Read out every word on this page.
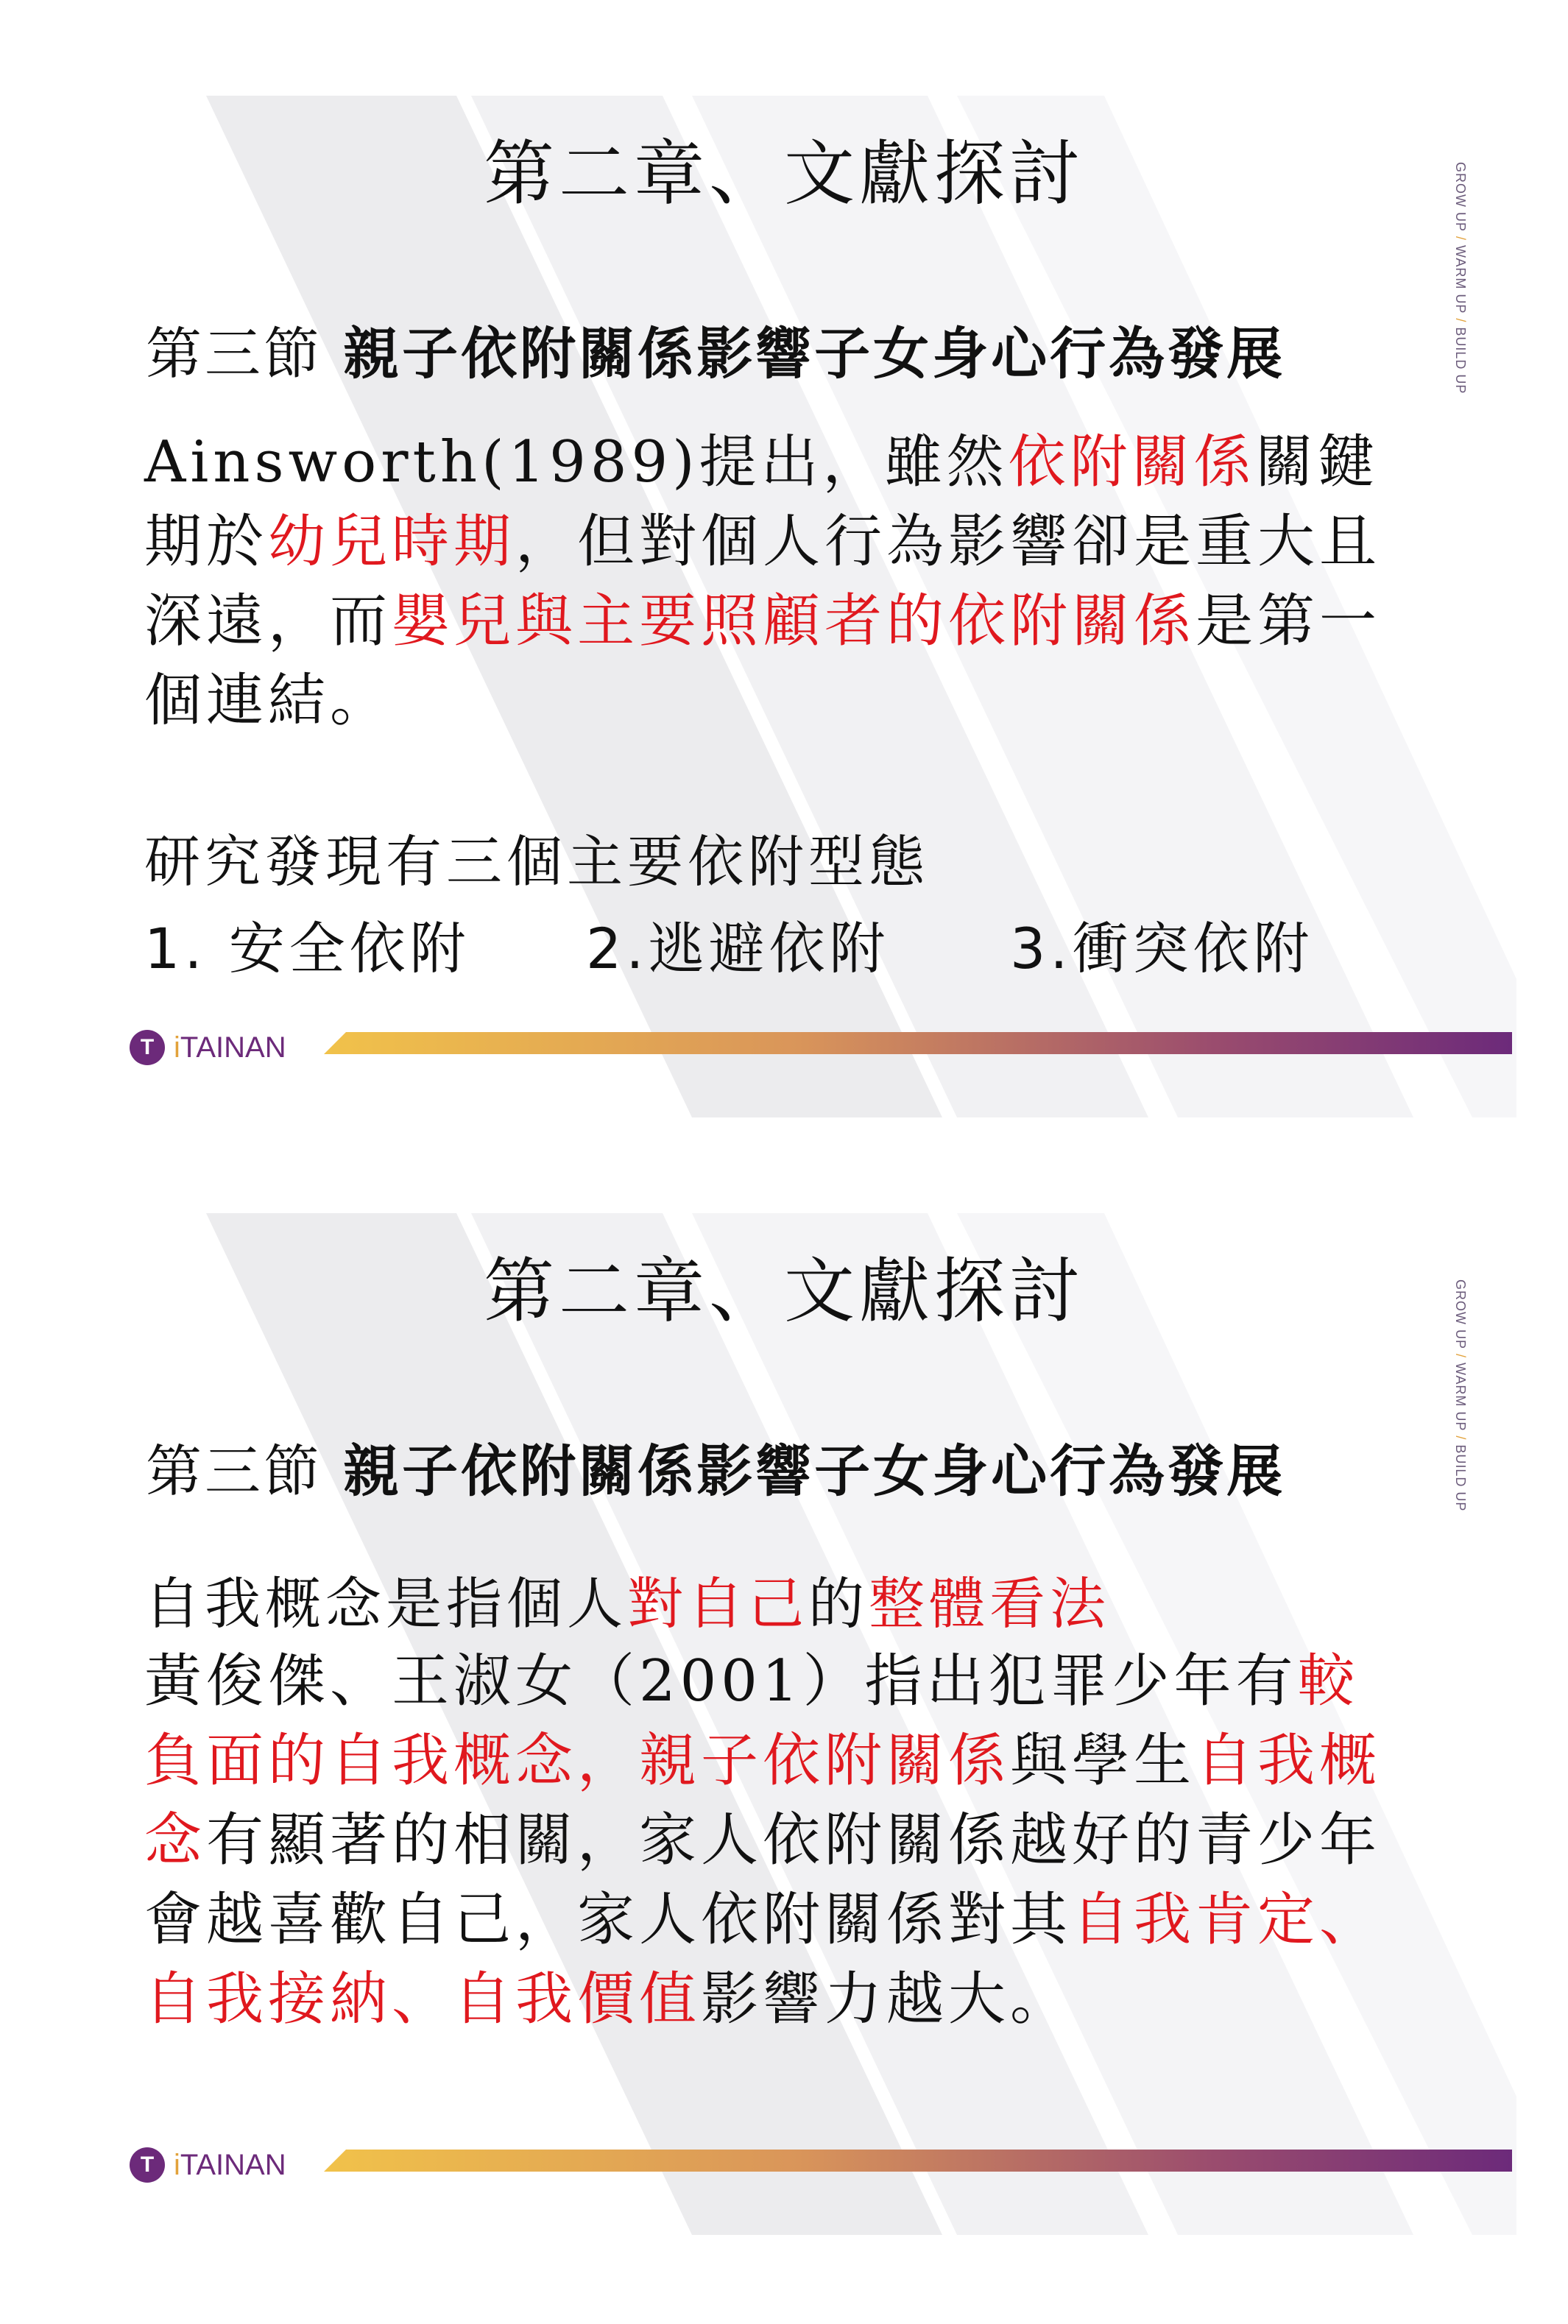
第二章、文獻探討	GROW UP / WARM UP / BUILD UP
第三節 親子依附關係影響子女身心行為發展
Ainsworth(1989)提出，雖然依附關係關鍵期於幼兒時期，但對個人行為影響卻是重大且深遠，而嬰兒與主要照顧者的依附關係是第一個連結。
研究發現有三個主要依附型態
1. 安全依附 2.逃避依附 3.衝突依附
T iTAINAN
第二章、文獻探討	GROW UP / WARM UP / BUILD UP
第三節 親子依附關係影響子女身心行為發展
自我概念是指個人對自己的整體看法
黃俊傑、王淑女（2001）指出犯罪少年有較負面的自我概念，親子依附關係與學生自我概念有顯著的相關，家人依附關係越好的青少年會越喜歡自己，家人依附關係對其自我肯定、自我接納、自我價值影響力越大。
T iTAINAN
